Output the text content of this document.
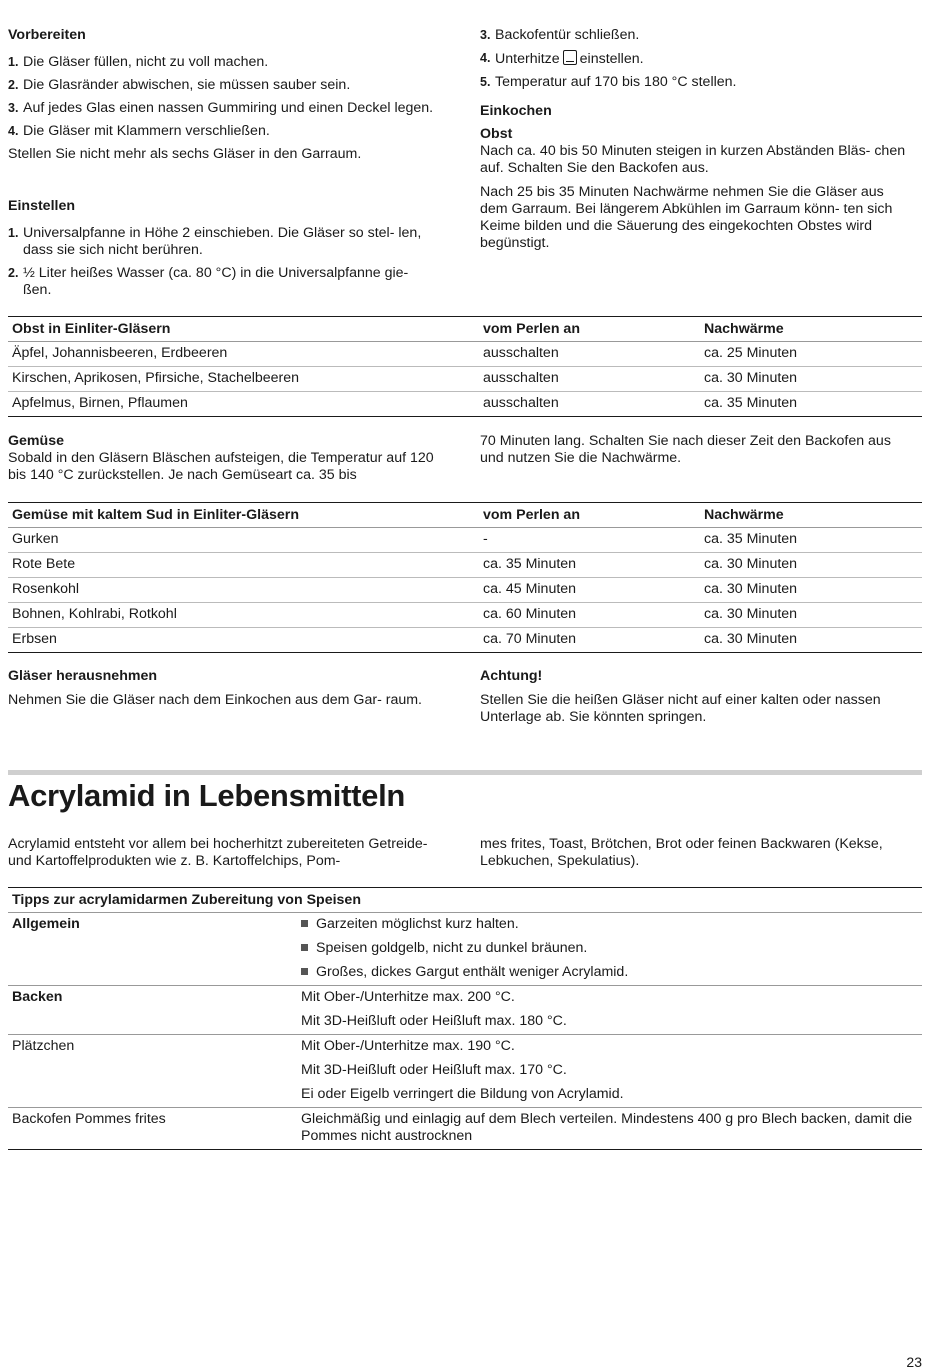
Vorbereiten

1. Die Gläser füllen, nicht zu voll machen.
2. Die Glasränder abwischen, sie müssen sauber sein.
3. Auf jedes Glas einen nassen Gummiring und einen Deckel legen.
4. Die Gläser mit Klammern verschließen.

Stellen Sie nicht mehr als sechs Gläser in den Garraum.

Einstellen

1. Universalpfanne in Höhe 2 einschieben. Die Gläser so stel- len, dass sie sich nicht berühren.
2. ½ Liter heißes Wasser (ca. 80 °C) in die Universalpfanne gie- ßen.
3. Backofentür schließen.
4. Unterhitze einstellen.
5. Temperatur auf 170 bis 180 °C stellen.

Einkochen

Obst

Nach ca. 40 bis 50 Minuten steigen in kurzen Abständen Bläs- chen auf. Schalten Sie den Backofen aus.

Nach 25 bis 35 Minuten Nachwärme nehmen Sie die Gläser aus dem Garraum. Bei längerem Abkühlen im Garraum könn- ten sich Keime bilden und die Säuerung des eingekochten Obstes wird begünstigt.

Obst in Einliter-Gläsern	vom Perlen an	Nachwärme
Äpfel, Johannisbeeren, Erdbeeren	ausschalten	ca. 25 Minuten
Kirschen, Aprikosen, Pfirsiche, Stachelbeeren	ausschalten	ca. 30 Minuten
Apfelmus, Birnen, Pflaumen	ausschalten	ca. 35 Minuten

Gemüse

Sobald in den Gläsern Bläschen aufsteigen, die Temperatur auf 120 bis 140 °C zurückstellen. Je nach Gemüseart ca. 35 bis

70 Minuten lang. Schalten Sie nach dieser Zeit den Backofen aus und nutzen Sie die Nachwärme.

Gemüse mit kaltem Sud in Einliter-Gläsern	vom Perlen an	Nachwärme
Gurken	-	ca. 35 Minuten
Rote Bete	ca. 35 Minuten	ca. 30 Minuten
Rosenkohl	ca. 45 Minuten	ca. 30 Minuten
Bohnen, Kohlrabi, Rotkohl	ca. 60 Minuten	ca. 30 Minuten
Erbsen	ca. 70 Minuten	ca. 30 Minuten

Gläser herausnehmen

Nehmen Sie die Gläser nach dem Einkochen aus dem Gar- raum.

Achtung!

Stellen Sie die heißen Gläser nicht auf einer kalten oder nassen Unterlage ab. Sie könnten springen.

Acrylamid in Lebensmitteln

Acrylamid entsteht vor allem bei hocherhitzt zubereiteten Getreide- und Kartoffelprodukten wie z. B. Kartoffelchips, Pom-

mes frites, Toast, Brötchen, Brot oder feinen Backwaren (Kekse, Lebkuchen, Spekulatius).

Tipps zur acrylamidarmen Zubereitung von Speisen	
Allgemein	Garzeiten möglichst kurz halten.
Speisen goldgelb, nicht zu dunkel bräunen.
Großes, dickes Gargut enthält weniger Acrylamid.

Backen	Mit Ober-/Unterhitze max. 200 °C.
Mit 3D-Heißluft oder Heißluft max. 180 °C.

Plätzchen	Mit Ober-/Unterhitze max. 190 °C.
Mit 3D-Heißluft oder Heißluft max. 170 °C.
Ei oder Eigelb verringert die Bildung von Acrylamid.

Backofen Pommes frites	Gleichmäßig und einlagig auf dem Blech verteilen. Mindestens 400 g pro Blech backen, damit die Pommes nicht austrocknen
23
